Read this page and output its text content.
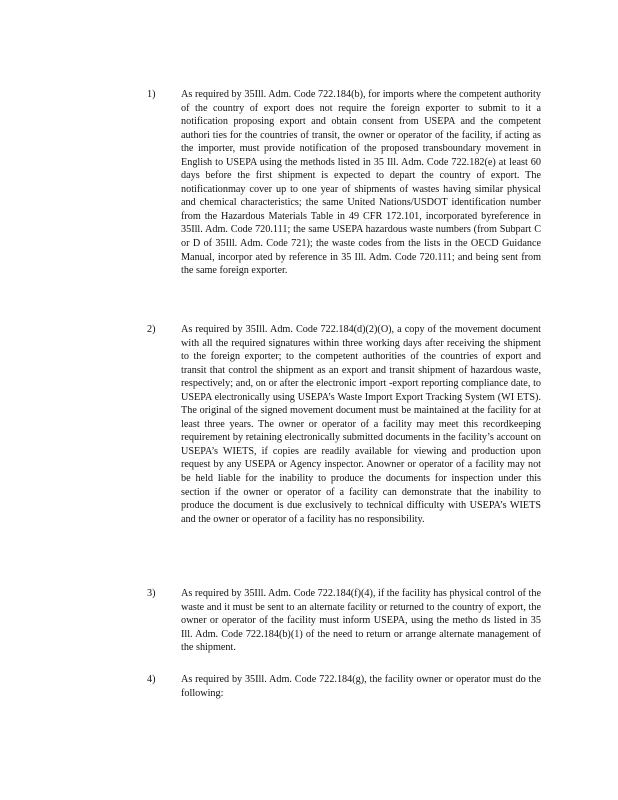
1)	As required by 35Ill. Adm. Code 722.184(b), for imports where the competent authority of the country of export does not require the foreign exporter to submit to it a notification proposing export and obtain consent from USEPA and the competent authori ties for the countries of transit, the owner or operator of the facility, if acting as the importer, must provide notification of the proposed transboundary movement in English to USEPA using the methods listed in 35 Ill. Adm. Code 722.182(e) at least 60 days before the first shipment is expected to depart the country of export. The notificationmay cover up to one year of shipments of wastes having similar physical and chemical characteristics; the same United Nations/USDOT identification number from the Hazardous Materials Table in 49 CFR 172.101, incorporated byreference in 35Ill. Adm. Code 720.111; the same USEPA hazardous waste numbers (from Subpart C or D of 35Ill. Adm. Code 721); the waste codes from the lists in the OECD Guidance Manual, incorpor ated by reference in 35 Ill. Adm. Code 720.111; and being sent from the same foreign exporter.
2)	As required by 35Ill. Adm. Code 722.184(d)(2)(O), a copy of the movement document with all the required signatures within three working days after receiving the shipment to the foreign exporter; to the competent authorities of the countries of export and transit that control the shipment as an export and transit shipment of hazardous waste, respectively; and, on or after the electronic import -export reporting compliance date, to USEPA electronically using USEPA’s Waste Import Export Tracking System (WI ETS). The original of the signed movement document must be maintained at the facility for at least three years. The owner or operator of a facility may meet this recordkeeping requirement by retaining electronically submitted documents in the facility’s account on USEPA’s WIETS, if copies are readily available for viewing and production upon request by any USEPA or Agency inspector. Anowner or operator of a facility may not be held liable for the inability to produce the documents for inspection under this section if the owner or operator of a facility can demonstrate that the inability to produce the document is due exclusively to technical difficulty with USEPA’s WIETS and the owner or operator of a facility has no responsibility.
3)	As required by 35Ill. Adm. Code 722.184(f)(4), if the facility has physical control of the waste and it must be sent to an alternate facility or returned to the country of export, the owner or operator of the facility must inform USEPA, using the metho ds listed in 35 Ill. Adm. Code 722.184(b)(1) of the need to return or arrange alternate management of the shipment.
4)	As required by 35Ill. Adm. Code 722.184(g), the facility owner or operator must do the following:
